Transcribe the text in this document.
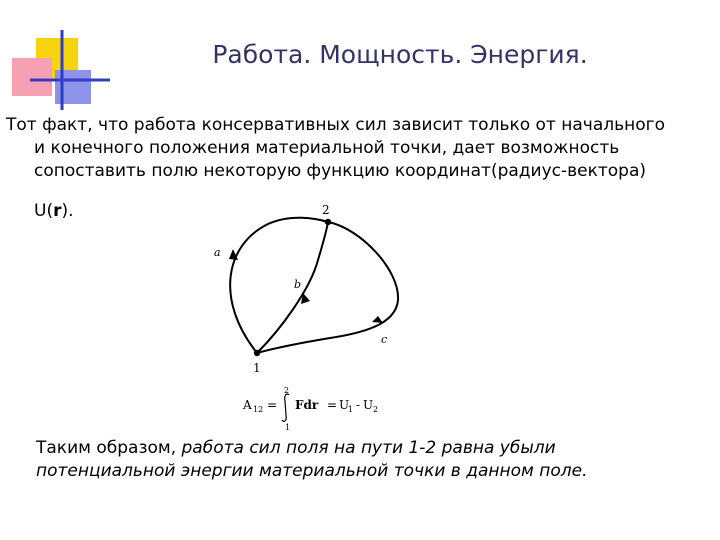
Работа. Мощность. Энергия.
Тот факт, что работа консервативных сил зависит только от начального
и конечного положения материальной точки, дает возможность
сопоставить полю некоторую функцию координат(радиус-вектора)
U(r).	2
1
a
b
c
A 12 =
2
1
Fdr = U
1 - U 2
Таким образом, работа сил поля на пути 1-2 равна убыли
потенциальной энергии материальной точки в данном поле.
